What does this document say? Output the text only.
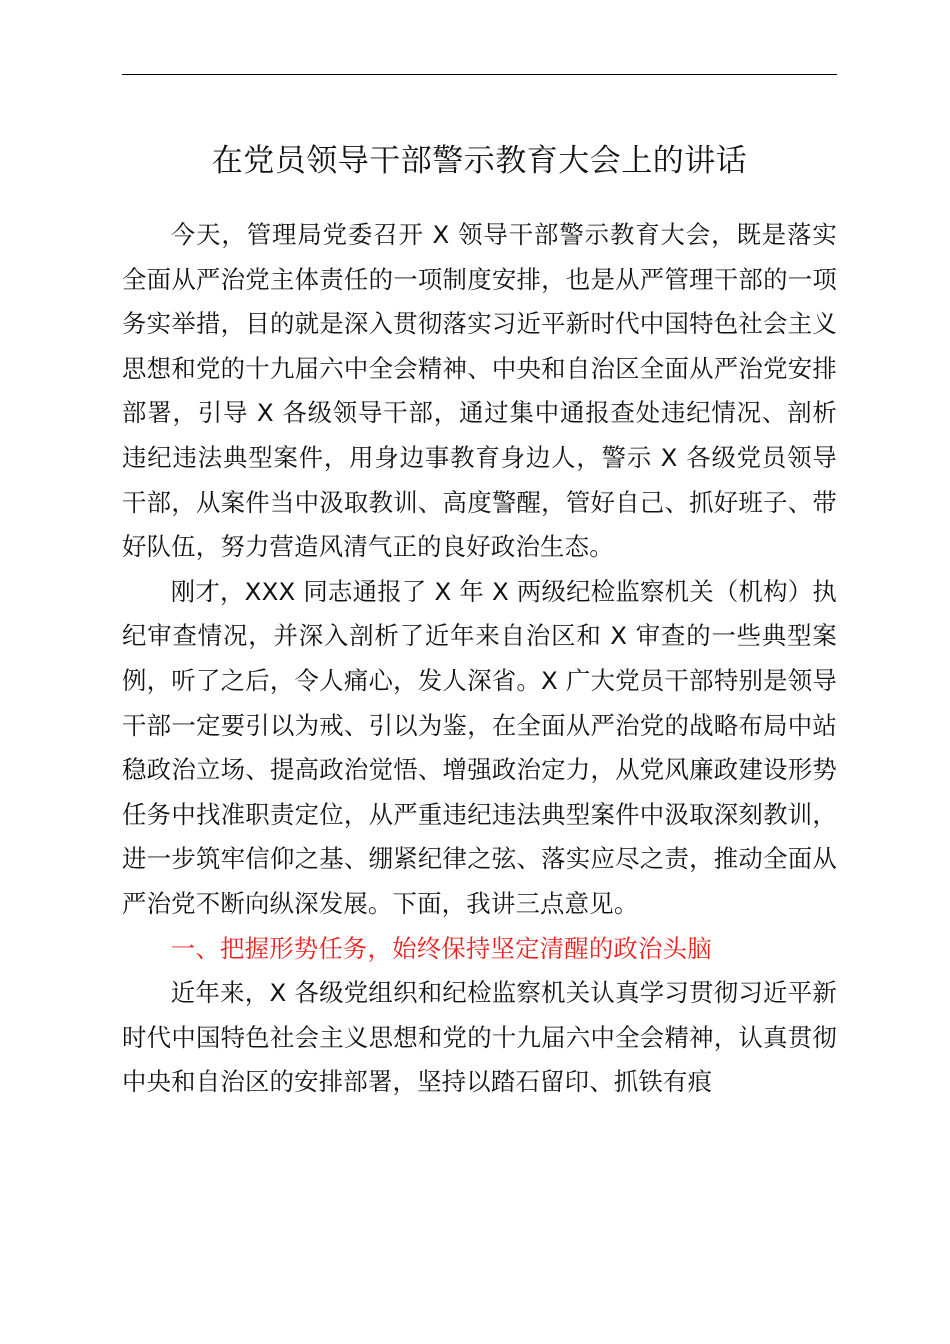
在党员领导干部警示教育大会上的讲话

今天，管理局党委召开 X 领导干部警示教育大会，既是落实全面从严治党主体责任的一项制度安排，也是从严管理干部的一项务实举措，目的就是深入贯彻落实习近平新时代中国特色社会主义思想和党的十九届六中全会精神、中央和自治区全面从严治党安排部署，引导 X 各级领导干部，通过集中通报查处违纪情况、剖析违纪违法典型案件，用身边事教育身边人，警示 X 各级党员领导干部，从案件当中汲取教训、高度警醒，管好自己、抓好班子、带好队伍，努力营造风清气正的良好政治生态。

刚才，XXX 同志通报了 X 年 X 两级纪检监察机关（机构）执纪审查情况，并深入剖析了近年来自治区和 X 审查的一些典型案例，听了之后，令人痛心，发人深省。X 广大党员干部特别是领导干部一定要引以为戒、引以为鉴，在全面从严治党的战略布局中站稳政治立场、提高政治觉悟、增强政治定力，从党风廉政建设形势任务中找准职责定位，从严重违纪违法典型案件中汲取深刻教训，进一步筑牢信仰之基、绷紧纪律之弦、落实应尽之责，推动全面从严治党不断向纵深发展。下面，我讲三点意见。

一、把握形势任务，始终保持坚定清醒的政治头脑

近年来，X 各级党组织和纪检监察机关认真学习贯彻习近平新时代中国特色社会主义思想和党的十九届六中全会精神，认真贯彻中央和自治区的安排部署，坚持以踏石留印、抓铁有痕
